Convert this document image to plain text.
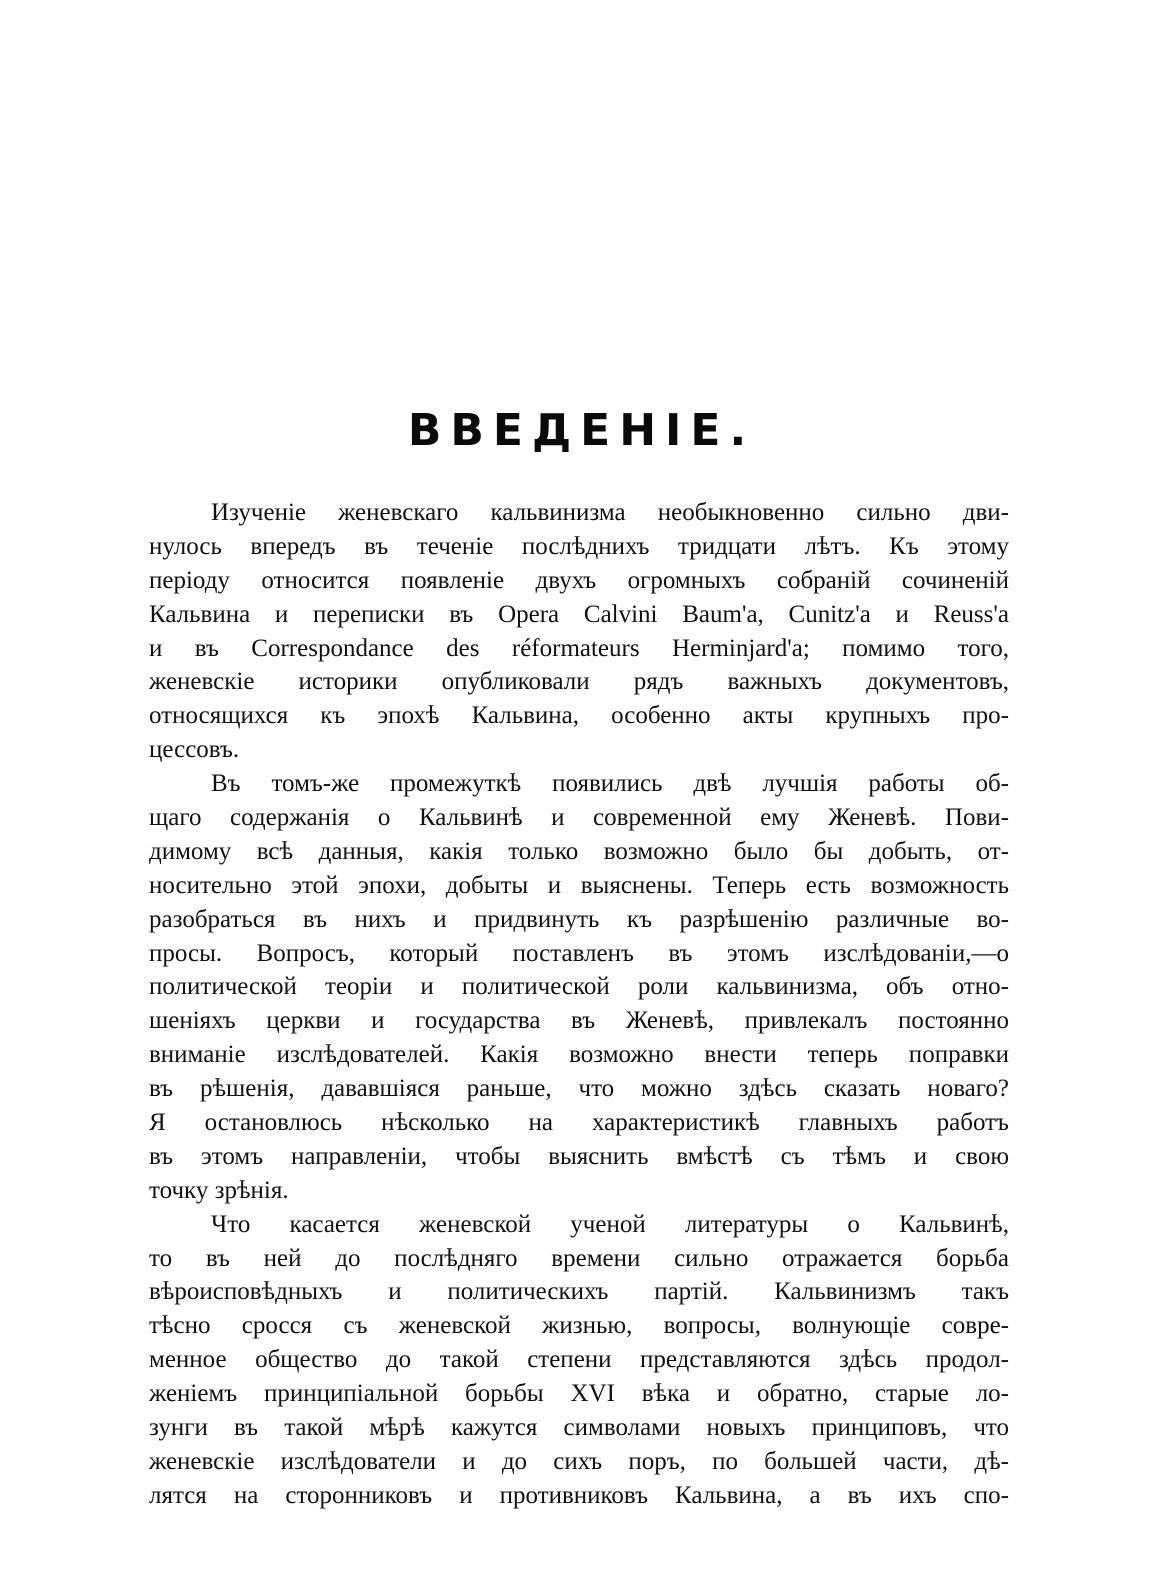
ВВЕДЕНІЕ.
Изученіе женевскаго кальвинизма необыкновенно сильно дви-
нулось впередъ въ теченіе послѣднихъ тридцати лѣтъ. Къ этому
періоду относится появленіе двухъ огромныхъ собраній сочиненій
Кальвина и переписки въ Opera Calvini Baum'а, Cunitz'а и Reuss'а
и въ Correspondance des réformateurs Herminjard'а; помимо того,
женевскіе историки опубликовали рядъ важныхъ документовъ,
относящихся къ эпохѣ Кальвина, особенно акты крупныхъ про-
цессовъ.
Въ томъ-же промежуткѣ появились двѣ лучшія работы об-
щаго содержанія о Кальвинѣ и современной ему Женевѣ. Пови-
димому всѣ данныя, какія только возможно было бы добыть, от-
носительно этой эпохи, добыты и выяснены. Теперь есть возможность
разобраться въ нихъ и придвинуть къ разрѣшенію различные во-
просы. Вопросъ, который поставленъ въ этомъ изслѣдованіи,—о
политической теоріи и политической роли кальвинизма, объ отно-
шеніяхъ церкви и государства въ Женевѣ, привлекалъ постоянно
вниманіе изслѣдователей. Какія возможно внести теперь поправки
въ рѣшенія, дававшіяся раньше, что можно здѣсь сказать новаго?
Я остановлюсь нѣсколько на характеристикѣ главныхъ работъ
въ этомъ направленіи, чтобы выяснить вмѣстѣ съ тѣмъ и свою
точку зрѣнія.
Что касается женевской ученой литературы о Кальвинѣ,
то въ ней до послѣдняго времени сильно отражается борьба
вѣроисповѣдныхъ и политическихъ партій. Кальвинизмъ такъ
тѣсно сросся съ женевской жизнью, вопросы, волнующіе совре-
менное общество до такой степени представляются здѣсь продол-
женіемъ принципіальной борьбы XVI вѣка и обратно, старые ло-
зунги въ такой мѣрѣ кажутся символами новыхъ принциповъ, что
женевскіе изслѣдователи и до сихъ поръ, по большей части, дѣ-
лятся на сторонниковъ и противниковъ Кальвина, а въ ихъ спо-
